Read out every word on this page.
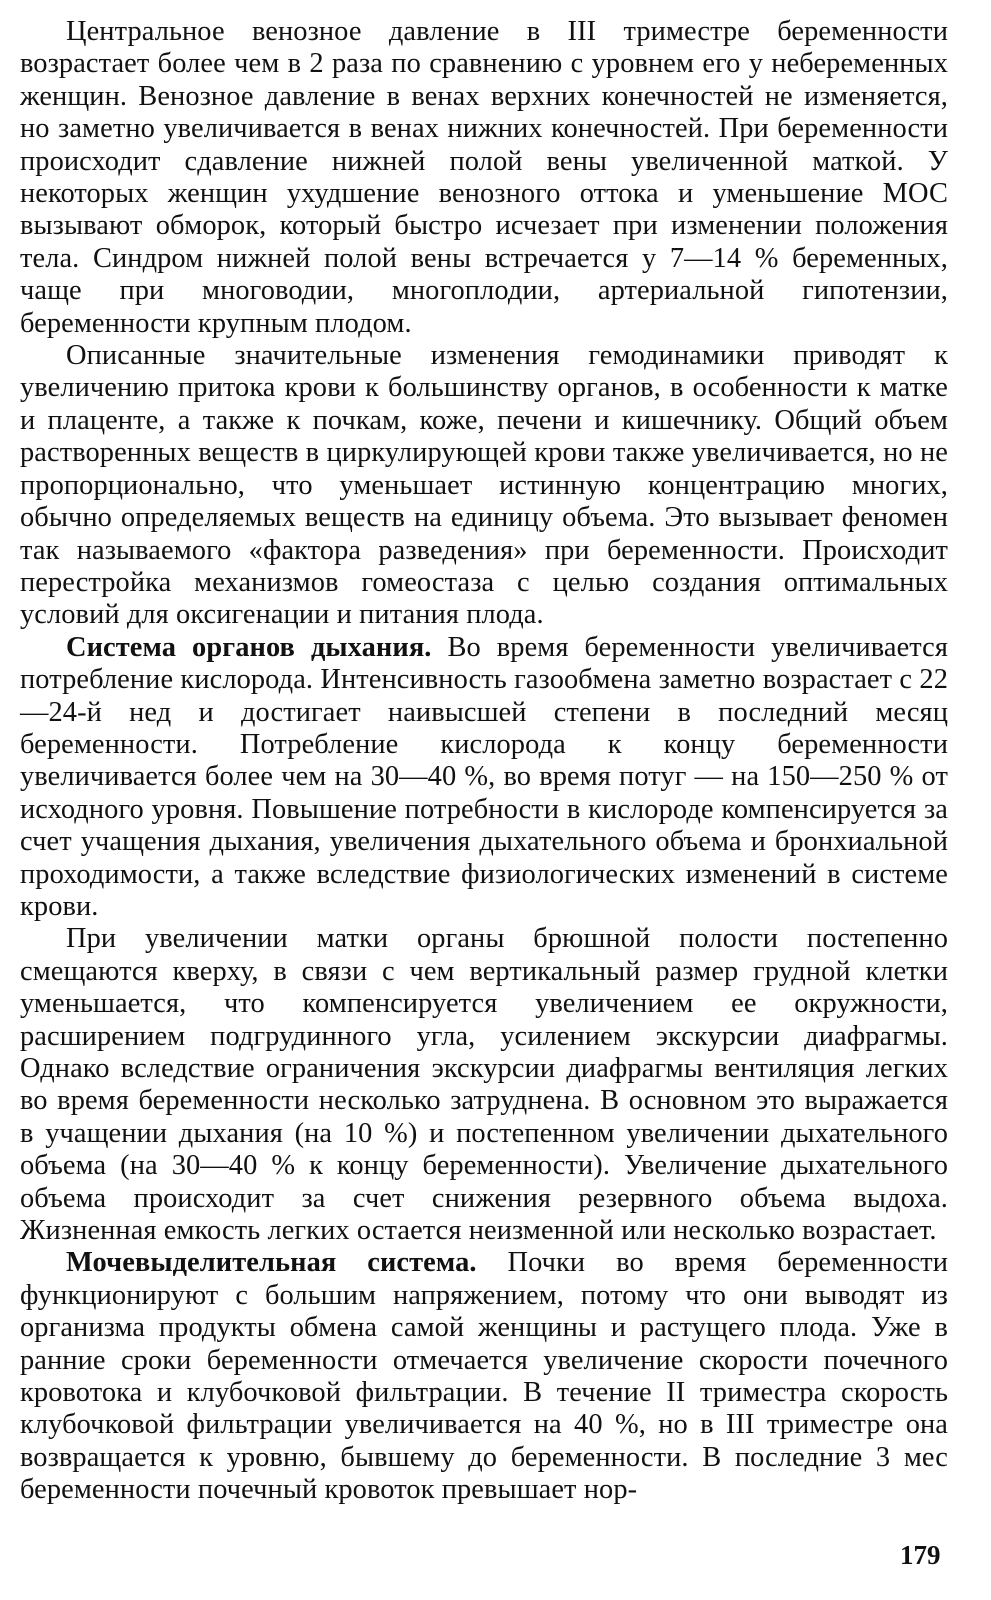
Центральное венозное давление в III триместре беременности возрастает более чем в 2 раза по сравнению с уровнем его у небеременных женщин. Венозное давление в венах верхних конечностей не изменяется, но заметно увеличивается в венах нижних конечностей. При беременности происходит сдавление нижней полой вены увеличенной маткой. У некоторых женщин ухудшение венозного оттока и уменьшение МОС вызывают обморок, который быстро исчезает при изменении положения тела. Синдром нижней полой вены встречается у 7—14 % беременных, чаще при многоводии, многоплодии, артериальной гипотензии, беременности крупным плодом.

Описанные значительные изменения гемодинамики приводят к увеличению притока крови к большинству органов, в особенности к матке и плаценте, а также к почкам, коже, печени и кишечнику. Общий объем растворенных веществ в циркулирующей крови также увеличивается, но не пропорционально, что уменьшает истинную концентрацию многих, обычно определяемых веществ на единицу объема. Это вызывает феномен так называемого «фактора разведения» при беременности. Происходит перестройка механизмов гомеостаза с целью создания оптимальных условий для оксигенации и питания плода.

Система органов дыхания. Во время беременности увеличивается потребление кислорода. Интенсивность газообмена заметно возрастает с 22—24-й нед и достигает наивысшей степени в последний месяц беременности. Потребление кислорода к концу беременности увеличивается более чем на 30—40 %, во время потуг — на 150—250 % от исходного уровня. Повышение потребности в кислороде компенсируется за счет учащения дыхания, увеличения дыхательного объема и бронхиальной проходимости, а также вследствие физиологических изменений в системе крови.

При увеличении матки органы брюшной полости постепенно смещаются кверху, в связи с чем вертикальный размер грудной клетки уменьшается, что компенсируется увеличением ее окружности, расширением подгрудинного угла, усилением экскурсии диафрагмы. Однако вследствие ограничения экскурсии диафрагмы вентиляция легких во время беременности несколько затруднена. В основном это выражается в учащении дыхания (на 10 %) и постепенном увеличении дыхательного объема (на 30—40 % к концу беременности). Увеличение дыхательного объема происходит за счет снижения резервного объема выдоха. Жизненная емкость легких остается неизменной или несколько возрастает.

Мочевыделительная система. Почки во время беременности функционируют с большим напряжением, потому что они выводят из организма продукты обмена самой женщины и растущего плода. Уже в ранние сроки беременности отмечается увеличение скорости почечного кровотока и клубочковой фильтрации. В течение II триместра скорость клубочковой фильтрации увеличивается на 40 %, но в III триместре она возвращается к уровню, бывшему до беременности. В последние 3 мес беременности почечный кровоток превышает нор-

179
